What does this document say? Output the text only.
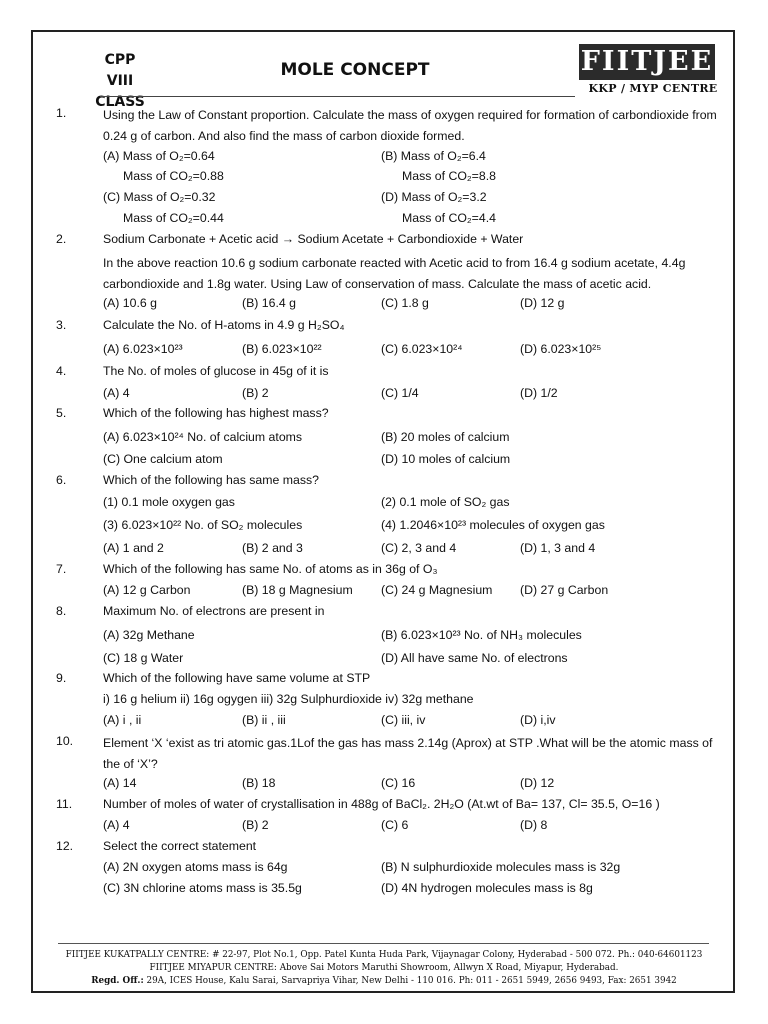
CPP
VIII CLASS
MOLE CONCEPT	FIITJEE
KKP / MYP CENTRE
1.	Using the Law of Constant proportion. Calculate the mass of oxygen required for formation of carbondioxide from 0.24 g of carbon. And also find the mass of carbon dioxide formed.
(A) Mass of O₂=0.64	(B) Mass of O₂=6.4
Mass of CO₂=0.88	Mass of CO₂=8.8
(C) Mass of O₂=0.32	(D) Mass of O₂=3.2
Mass of CO₂=0.44	Mass of CO₂=4.4
2.	Sodium Carbonate + Acetic acid → Sodium Acetate + Carbondioxide + Water
In the above reaction 10.6 g sodium carbonate reacted with Acetic acid to from 16.4 g sodium acetate, 4.4g carbondioxide and 1.8g water. Using Law of conservation of mass. Calculate the mass of acetic acid.
(A) 10.6 g	(B) 16.4 g	(C) 1.8 g	(D) 12 g
3.	Calculate the No. of H-atoms in 4.9 g H₂SO₄
(A) 6.023×10²³	(B) 6.023×10²²	(C) 6.023×10²⁴	(D) 6.023×10²⁵
4.	The No. of moles of glucose in 45g of it is
(A) 4	(B) 2	(C) 1/4	(D) 1/2
5.	Which of the following has highest mass?
(A) 6.023×10²⁴ No. of calcium atoms	(B) 20 moles of calcium
(C) One calcium atom	(D) 10 moles of calcium
6.	Which of the following has same mass?
(1) 0.1 mole oxygen gas	(2) 0.1 mole of SO₂ gas
(3) 6.023×10²² No. of SO₂ molecules	(4) 1.2046×10²³ molecules of oxygen gas
(A) 1 and 2	(B) 2 and 3	(C) 2, 3 and 4	(D) 1, 3 and 4
7.	Which of the following has same No. of atoms as in 36g of O₃
(A) 12 g Carbon	(B) 18 g Magnesium (C) 24 g Magnesium (D) 27 g Carbon
8.	Maximum No. of electrons are present in
(A) 32g Methane	(B) 6.023×10²³ No. of NH₃ molecules
(C) 18 g Water	(D) All have same No. of electrons
9.	Which of the following have same volume at STP
i) 16 g helium ii) 16g ogygen iii) 32g Sulphurdioxide iv) 32g methane
(A) i , ii	(B) ii , iii	(C) iii, iv	(D) i,iv
10. Element ‘X ‘exist as tri atomic gas.1Lof the gas has mass 2.14g (Aprox) at STP .What will be the atomic mass of the of ‘X’?
(A) 14	(B) 18	(C) 16	(D) 12
11.	Number of moles of water of crystallisation in 488g of BaCl₂. 2H₂O (At.wt of Ba= 137, Cl= 35.5, O=16 )
(A) 4	(B) 2	(C) 6	(D) 8
12. Select the correct statement
(A) 2N oxygen atoms mass is 64g	(B) N sulphurdioxide molecules mass is 32g
(C) 3N chlorine atoms mass is 35.5g	(D) 4N hydrogen molecules mass is 8g
FIITJEE KUKATPALLY CENTRE: # 22-97, Plot No.1, Opp. Patel Kunta Huda Park, Vijaynagar Colony, Hyderabad - 500 072. Ph.: 040-64601123
FIITJEE MIYAPUR CENTRE: Above Sai Motors Maruthi Showroom, Allwyn X Road, Miyapur, Hyderabad.
Regd. Off.: 29A, ICES House, Kalu Sarai, Sarvapriya Vihar, New Delhi - 110 016. Ph: 011 - 2651 5949, 2656 9493, Fax: 2651 3942
